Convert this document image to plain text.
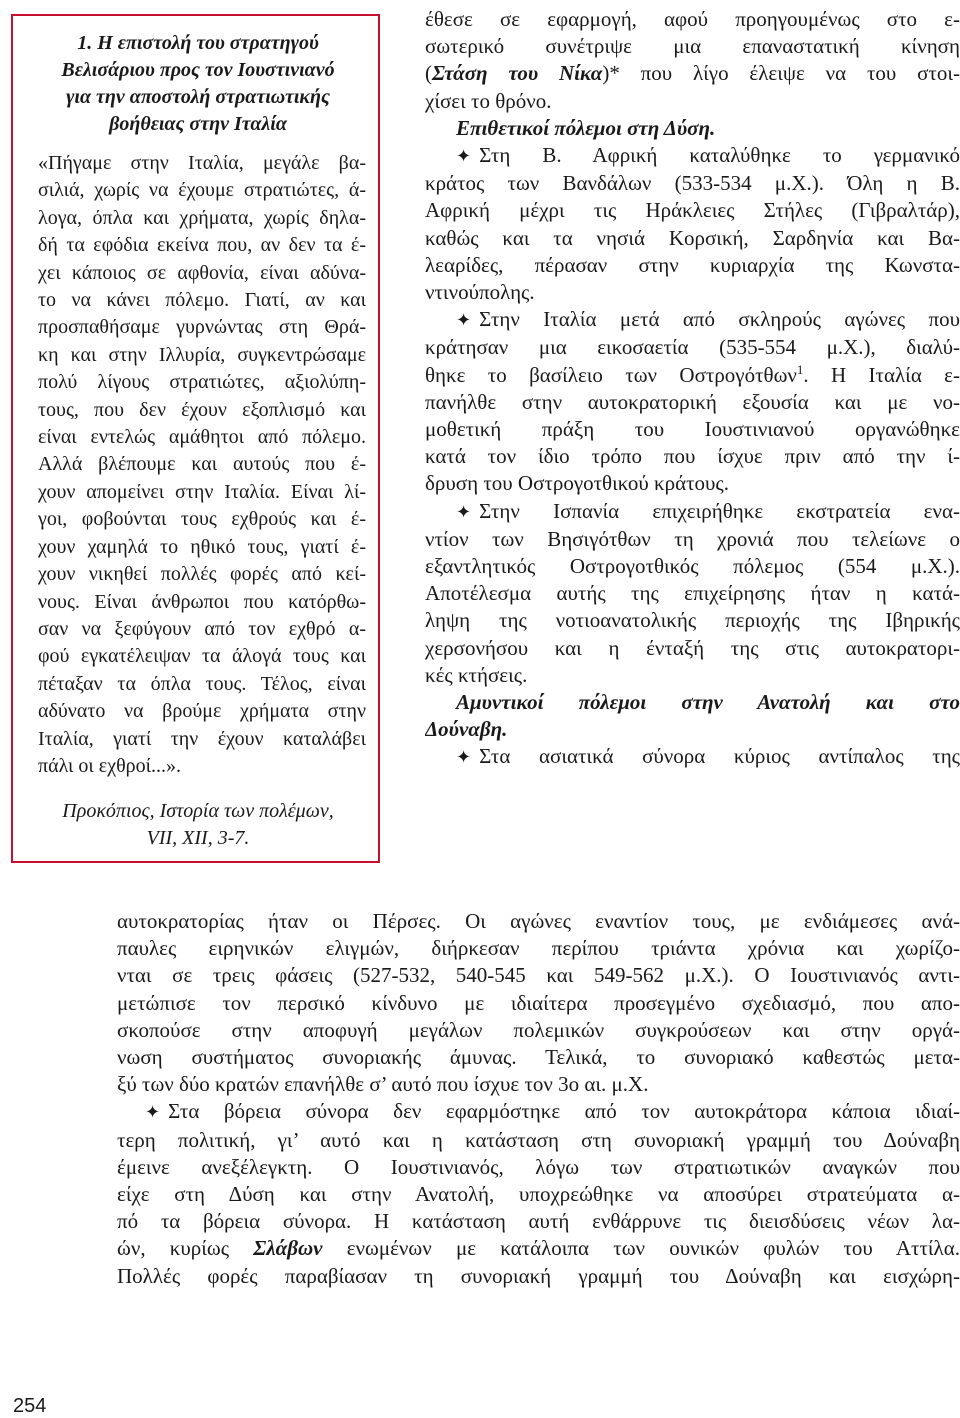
1. Η επιστολή του στρατηγού
Βελισάριου προς τον Ιουστινιανό
για την αποστολή στρατιωτικής
βοήθειας στην Ιταλία
«Πήγαμε στην Ιταλία, μεγάλε βα-
σιλιά, χωρίς να έχουμε στρατιώτες, ά-
λογα, όπλα και χρήματα, χωρίς δηλα-
δή τα εφόδια εκείνα που, αν δεν τα έ-
χει κάποιος σε αφθονία, είναι αδύνα-
το να κάνει πόλεμο. Γιατί, αν και
προσπαθήσαμε γυρνώντας στη Θρά-
κη και στην Ιλλυρία, συγκεντρώσαμε
πολύ λίγους στρατιώτες, αξιολύπη-
τους, που δεν έχουν εξοπλισμό και
είναι εντελώς αμάθητοι από πόλεμο.
Αλλά βλέπουμε και αυτούς που έ-
χουν απομείνει στην Ιταλία. Είναι λί-
γοι, φοβούνται τους εχθρούς και έ-
χουν χαμηλά το ηθικό τους, γιατί έ-
χουν νικηθεί πολλές φορές από κεί-
νους. Είναι άνθρωποι που κατόρθω-
σαν να ξεφύγουν από τον εχθρό α-
φού εγκατέλειψαν τα άλογά τους και
πέταξαν τα όπλα τους. Τέλος, είναι
αδύνατο να βρούμε χρήματα στην
Ιταλία, γιατί την έχουν καταλάβει
πάλι οι εχθροί...».
Προκόπιος, Ιστορία των πολέμων,
VII, XII, 3-7.
έθεσε σε εφαρμογή, αφού προηγουμένως στο ε-
σωτερικό συνέτριψε μια επαναστατική κίνηση
(Στάση του Νίκα)* που λίγο έλειψε να του στοι-
χίσει το θρόνο.
Επιθετικοί πόλεμοι στη Δύση.
✦ Στη Β. Αφρική καταλύθηκε το γερμανικό
κράτος των Βανδάλων (533-534 μ.Χ.). Όλη η Β.
Αφρική μέχρι τις Ηράκλειες Στήλες (Γιβραλτάρ),
καθώς και τα νησιά Κορσική, Σαρδηνία και Βα-
λεαρίδες, πέρασαν στην κυριαρχία της Κωνστα-
ντινούπολης.
✦ Στην Ιταλία μετά από σκληρούς αγώνες που
κράτησαν μια εικοσαετία (535-554 μ.Χ.), διαλύ-
θηκε το βασίλειο των Οστρογότθων$^1$. Η Ιταλία ε-
πανήλθε στην αυτοκρατορική εξουσία και με νο-
μοθετική πράξη του Ιουστινιανού οργανώθηκε
κατά τον ίδιο τρόπο που ίσχυε πριν από την ί-
δρυση του Οστρογοτθικού κράτους.
✦ Στην Ισπανία επιχειρήθηκε εκστρατεία ενα-
ντίον των Βησιγότθων τη χρονιά που τελείωνε ο
εξαντλητικός Οστρογοτθικός πόλεμος (554 μ.Χ.).
Αποτέλεσμα αυτής της επιχείρησης ήταν η κατά-
ληψη της νοτιοανατολικής περιοχής της Ιβηρικής
χερσονήσου και η ένταξή της στις αυτοκρατορι-
κές κτήσεις.
Αμυντικοί πόλεμοι στην Ανατολή και στο
Δούναβη.
✦ Στα ασιατικά σύνορα κύριος αντίπαλος της
αυτοκρατορίας ήταν οι Πέρσες. Οι αγώνες εναντίον τους, με ενδιάμεσες ανά-
παυλες ειρηνικών ελιγμών, διήρκεσαν περίπου τριάντα χρόνια και χωρίζο-
νται σε τρεις φάσεις (527-532, 540-545 και 549-562 μ.Χ.). Ο Ιουστινιανός αντι-
μετώπισε τον περσικό κίνδυνο με ιδιαίτερα προσεγμένο σχεδιασμό, που απο-
σκοπούσε στην αποφυγή μεγάλων πολεμικών συγκρούσεων και στην οργά-
νωση συστήματος συνοριακής άμυνας. Τελικά, το συνοριακό καθεστώς μετα-
ξύ των δύο κρατών επανήλθε σ’ αυτό που ίσχυε τον 3ο αι. μ.Χ.
✦ Στα βόρεια σύνορα δεν εφαρμόστηκε από τον αυτοκράτορα κάποια ιδιαί-
τερη πολιτική, γι’ αυτό και η κατάσταση στη συνοριακή γραμμή του Δούναβη
έμεινε ανεξέλεγκτη. Ο Ιουστινιανός, λόγω των στρατιωτικών αναγκών που
είχε στη Δύση και στην Ανατολή, υποχρεώθηκε να αποσύρει στρατεύματα α-
πό τα βόρεια σύνορα. Η κατάσταση αυτή ενθάρρυνε τις διεισδύσεις νέων λα-
ών, κυρίως Σλάβων ενωμένων με κατάλοιπα των ουνικών φυλών του Αττίλα.
Πολλές φορές παραβίασαν τη συνοριακή γραμμή του Δούναβη και εισχώρη-
254
